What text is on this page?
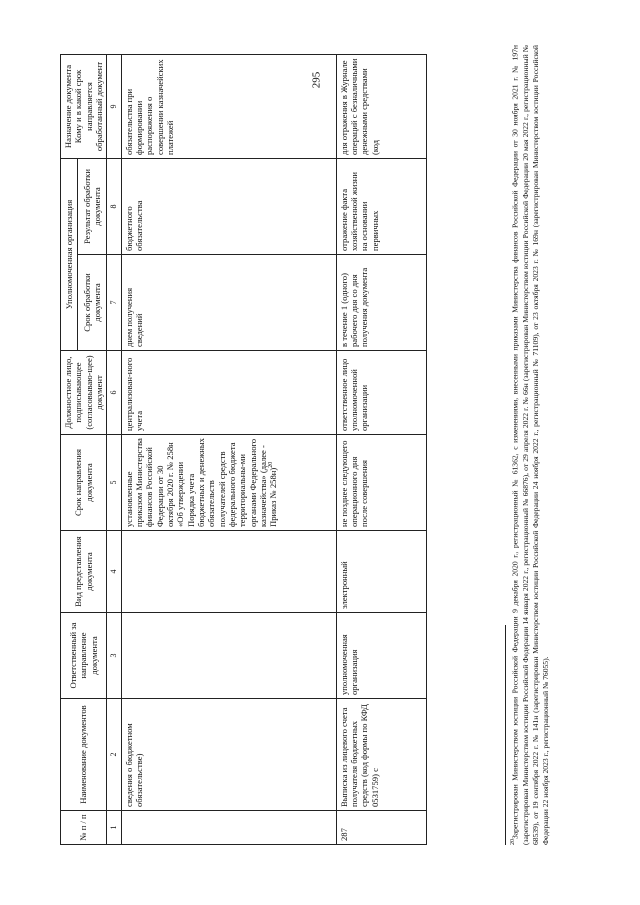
295
№ п / п	Наименование документов	Ответственный за направление документа	Вид представления документа	Срок направления документа	Должностное лицо, подписывающее (согласовываю-щее) документ	Уполномоченная организация		Назначение документа Кому и в какой срок направляется обработанный документ
						Срок обработки документа	Результат обработки документа	
1	2	3	4	5	6	7	8	9
	сведения о бюджетном обязательстве)			установленные приказом Министерства финансов Российской Федерации от 30 октября 2020 г. № 258н «Об утверждении Порядка учета бюджетных и денежных обязательств получателей средств федерального бюджета территориальны-ми органами Федерального казначейства» (далее - Приказ № 258н)$^{20}$	централизован-ного учета	днем получения сведений	бюджетного обязательства	обязательства при формировании распоряжения о совершении казначейских платежей
287	Выписка из лицевого счета получателя бюджетных средств (код формы по КФД 0531759) с	уполномоченная организация	электронный	не позднее следующего операционного дня после совершения	ответственное лицо уполномоченной организации	в течение 1 (одного) рабочего дня со дня получения документа	отражение факта хозяйственной жизни на основании первичных	для отражения в Журнале операций с безналичными денежными средствами (код
$^{20}$Зарегистрирован Министерством юстиции Российской Федерации 9 декабря 2020 г., регистрационный № 61362, с изменениями, внесенными приказами Министерства финансов Российской Федерации от 30 ноября 2021 г. № 197н (зарегистрирован Министерством юстиции Российской Федерации 14 января 2022 г., регистрационный № 66876), от 29 апреля 2022 г. № 66н (зарегистрирован Министерством юстиции Российской Федерации 20 мая 2022 г., регистрационный № 68539), от 19 сентября 2022 г. № 141н (зарегистрирован Министерством юстиции Российской Федерации 24 ноября 2022 г., регистрационный № 71109), от 23 октября 2023 г. № 169н (зарегистрирован Министерством юстиции Российской Федерации 22 ноября 2023 г., регистрационный № 76055).
